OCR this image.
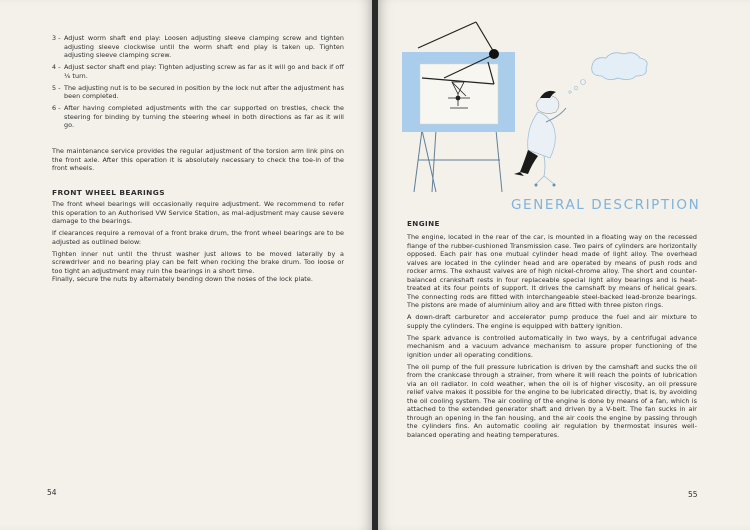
3 - Adjust worm shaft end play: Loosen adjusting sleeve clamping screw and tighten adjusting sleeve clockwise until the worm shaft end play is taken up. Tighten adjusting sleeve clamping screw.
4 - Adjust sector shaft end play: Tighten adjusting screw as far as it will go and back if off ¹⁄₆ turn.
5 - The adjusting nut is to be secured in position by the lock nut after the adjustment has been completed.
6 - After having completed adjustments with the car supported on trestles, check the steering for binding by turning the steering wheel in both directions as far as it will go.

The maintenance service provides the regular adjustment of the torsion arm link pins on the front axle. After this operation it is absolutely necessary to check the toe-in of the front wheels.

FRONT WHEEL BEARINGS

The front wheel bearings will occasionally require adjustment. We recommend to refer this operation to an Authorised VW Service Station, as mal-adjustment may cause severe damage to the bearings.

If clearances require a removal of a front brake drum, the front wheel bearings are to be adjusted as outlined below:

Tighten inner nut until the thrust washer just allows to be moved laterally by a screwdriver and no bearing play can be felt when rocking the brake drum. Too loose or too tight an adjustment may ruin the bearings in a short time.
Finally, secure the nuts by alternately bending down the noses of the lock plate.

54
GENERAL DESCRIPTION
ENGINE

The engine, located in the rear of the car, is mounted in a floating way on the recessed flange of the rubber-cushioned Transmission case. Two pairs of cylinders are horizontally opposed. Each pair has one mutual cylinder head made of light alloy. The overhead valves are located in the cylinder head and are operated by means of push rods and rocker arms. The exhaust valves are of high nickel-chrome alloy. The short and counter-balanced crankshaft rests in four replaceable special light alloy bearings and is heat-treated at its four points of support. It drives the camshaft by means of helical gears. The connecting rods are fitted with interchangeable steel-backed lead-bronze bearings. The pistons are made of aluminium alloy and are fitted with three piston rings.

A down-draft carburetor and accelerator pump produce the fuel and air mixture to supply the cylinders. The engine is equipped with battery ignition.

The spark advance is controlled automatically in two ways, by a centrifugal advance mechanism and a vacuum advance mechanism to assure proper functioning of the ignition under all operating conditions.

The oil pump of the full pressure lubrication is driven by the camshaft and sucks the oil from the crankcase through a strainer, from where it will reach the points of lubrication via an oil radiator. In cold weather, when the oil is of higher viscosity, an oil pressure relief valve makes it possible for the engine to be lubricated directly, that is, by avoiding the oil cooling system. The air cooling of the engine is done by means of a fan, which is attached to the extended generator shaft and driven by a V-belt. The fan sucks in air through an opening in the fan housing, and the air cools the engine by passing through the cylinders fins. An automatic cooling air regulation by thermostat insures well-balanced operating and heating temperatures.

55
